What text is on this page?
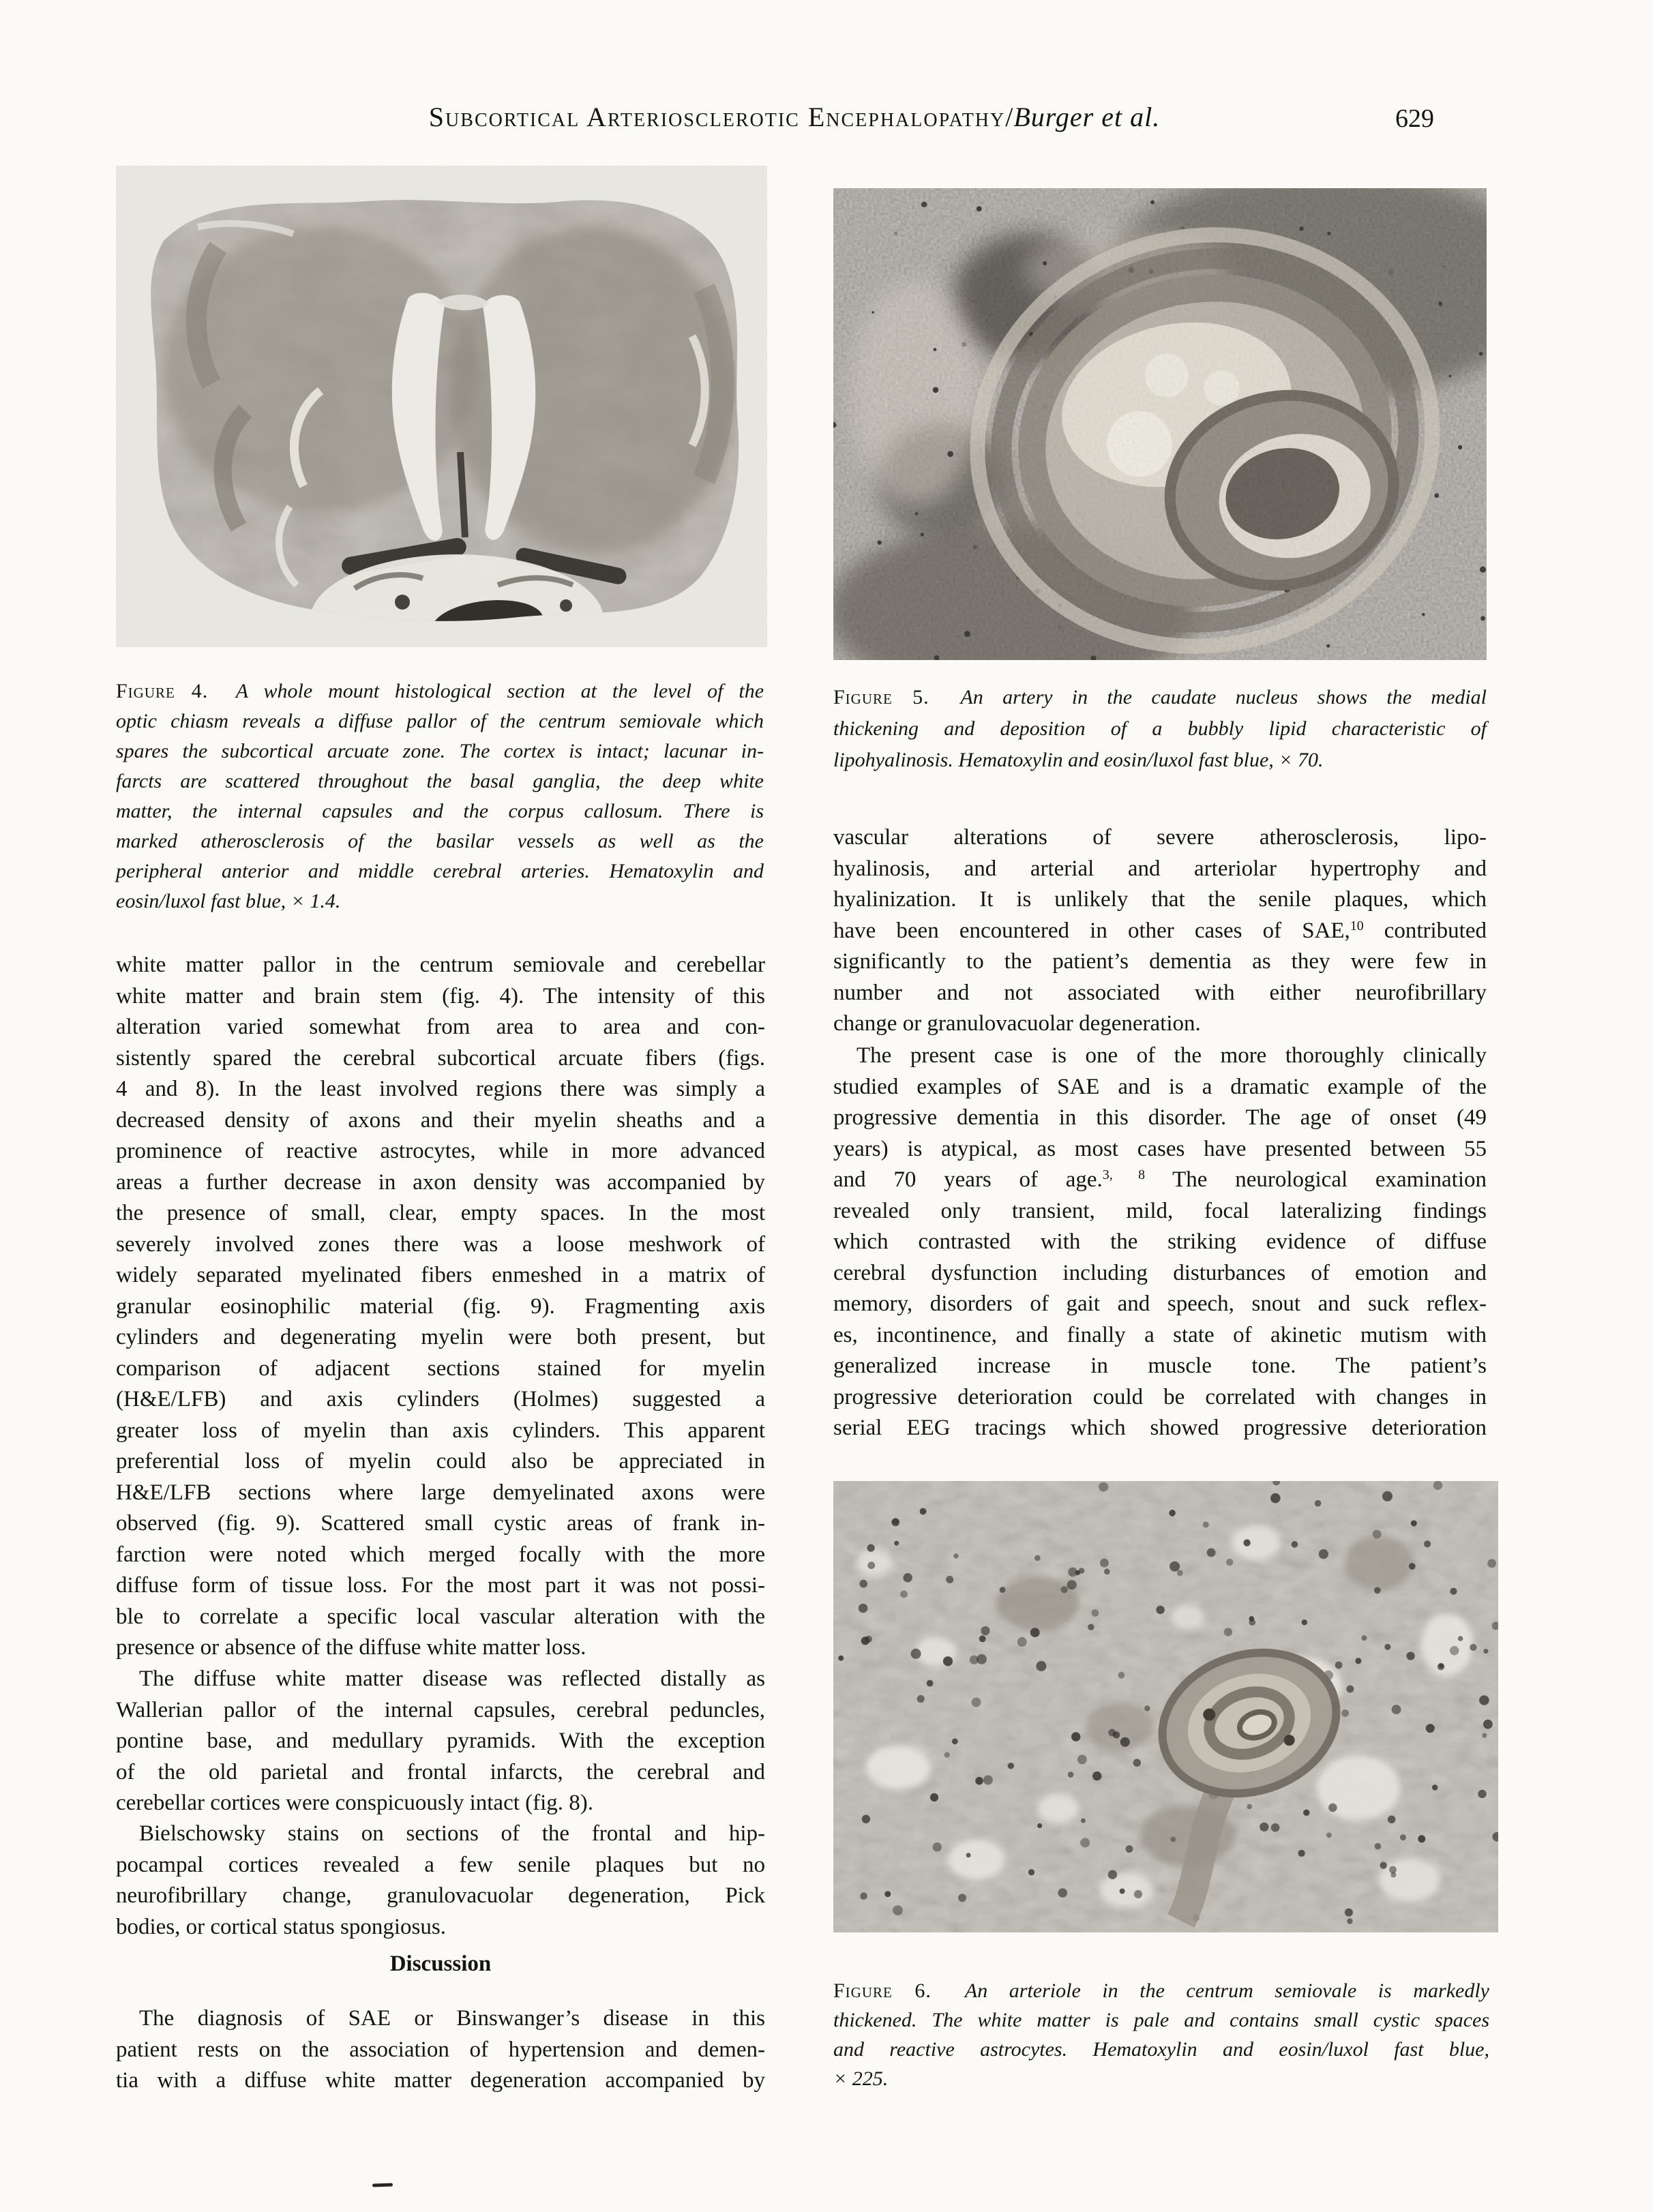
Subcortical Arteriosclerotic Encephalopathy/Burger et al.	629
Figure 4. A whole mount histological section at the level of the
optic chiasm reveals a diffuse pallor of the centrum semiovale which
spares the subcortical arcuate zone. The cortex is intact; lacunar in-
farcts are scattered throughout the basal ganglia, the deep white
matter, the internal capsules and the corpus callosum. There is
marked atherosclerosis of the basilar vessels as well as the
peripheral anterior and middle cerebral arteries. Hematoxylin and
eosin/luxol fast blue, × 1.4.
Figure 5. An artery in the caudate nucleus shows the medial
thickening and deposition of a bubbly lipid characteristic of
lipohyalinosis. Hematoxylin and eosin/luxol fast blue, × 70.
white matter pallor in the centrum semiovale and cerebellar
white matter and brain stem (fig. 4). The intensity of this
alteration varied somewhat from area to area and con-
sistently spared the cerebral subcortical arcuate fibers (figs.
4 and 8). In the least involved regions there was simply a
decreased density of axons and their myelin sheaths and a
prominence of reactive astrocytes, while in more advanced
areas a further decrease in axon density was accompanied by
the presence of small, clear, empty spaces. In the most
severely involved zones there was a loose meshwork of
widely separated myelinated fibers enmeshed in a matrix of
granular eosinophilic material (fig. 9). Fragmenting axis
cylinders and degenerating myelin were both present, but
comparison of adjacent sections stained for myelin
(H&E/LFB) and axis cylinders (Holmes) suggested a
greater loss of myelin than axis cylinders. This apparent
preferential loss of myelin could also be appreciated in
H&E/LFB sections where large demyelinated axons were
observed (fig. 9). Scattered small cystic areas of frank in-
farction were noted which merged focally with the more
diffuse form of tissue loss. For the most part it was not possi-
ble to correlate a specific local vascular alteration with the
presence or absence of the diffuse white matter loss.
The diffuse white matter disease was reflected distally as
Wallerian pallor of the internal capsules, cerebral peduncles,
pontine base, and medullary pyramids. With the exception
of the old parietal and frontal infarcts, the cerebral and
cerebellar cortices were conspicuously intact (fig. 8).
Bielschowsky stains on sections of the frontal and hip-
pocampal cortices revealed a few senile plaques but no
neurofibrillary change, granulovacuolar degeneration, Pick
bodies, or cortical status spongiosus.
Discussion
The diagnosis of SAE or Binswanger’s disease in this
patient rests on the association of hypertension and demen-
tia with a diffuse white matter degeneration accompanied by
vascular alterations of severe atherosclerosis, lipo-
hyalinosis, and arterial and arteriolar hypertrophy and
hyalinization. It is unlikely that the senile plaques, which
have been encountered in other cases of SAE,$^{10}$ contributed
significantly to the patient’s dementia as they were few in
number and not associated with either neurofibrillary
change or granulovacuolar degeneration.
The present case is one of the more thoroughly clinically
studied examples of SAE and is a dramatic example of the
progressive dementia in this disorder. The age of onset (49
years) is atypical, as most cases have presented between 55
and 70 years of age.$^{3, 8}$ The neurological examination
revealed only transient, mild, focal lateralizing findings
which contrasted with the striking evidence of diffuse
cerebral dysfunction including disturbances of emotion and
memory, disorders of gait and speech, snout and suck reflex-
es, incontinence, and finally a state of akinetic mutism with
generalized increase in muscle tone. The patient’s
progressive deterioration could be correlated with changes in
serial EEG tracings which showed progressive deterioration
Figure 6. An arteriole in the centrum semiovale is markedly
thickened. The white matter is pale and contains small cystic spaces
and reactive astrocytes. Hematoxylin and eosin/luxol fast blue,
× 225.
